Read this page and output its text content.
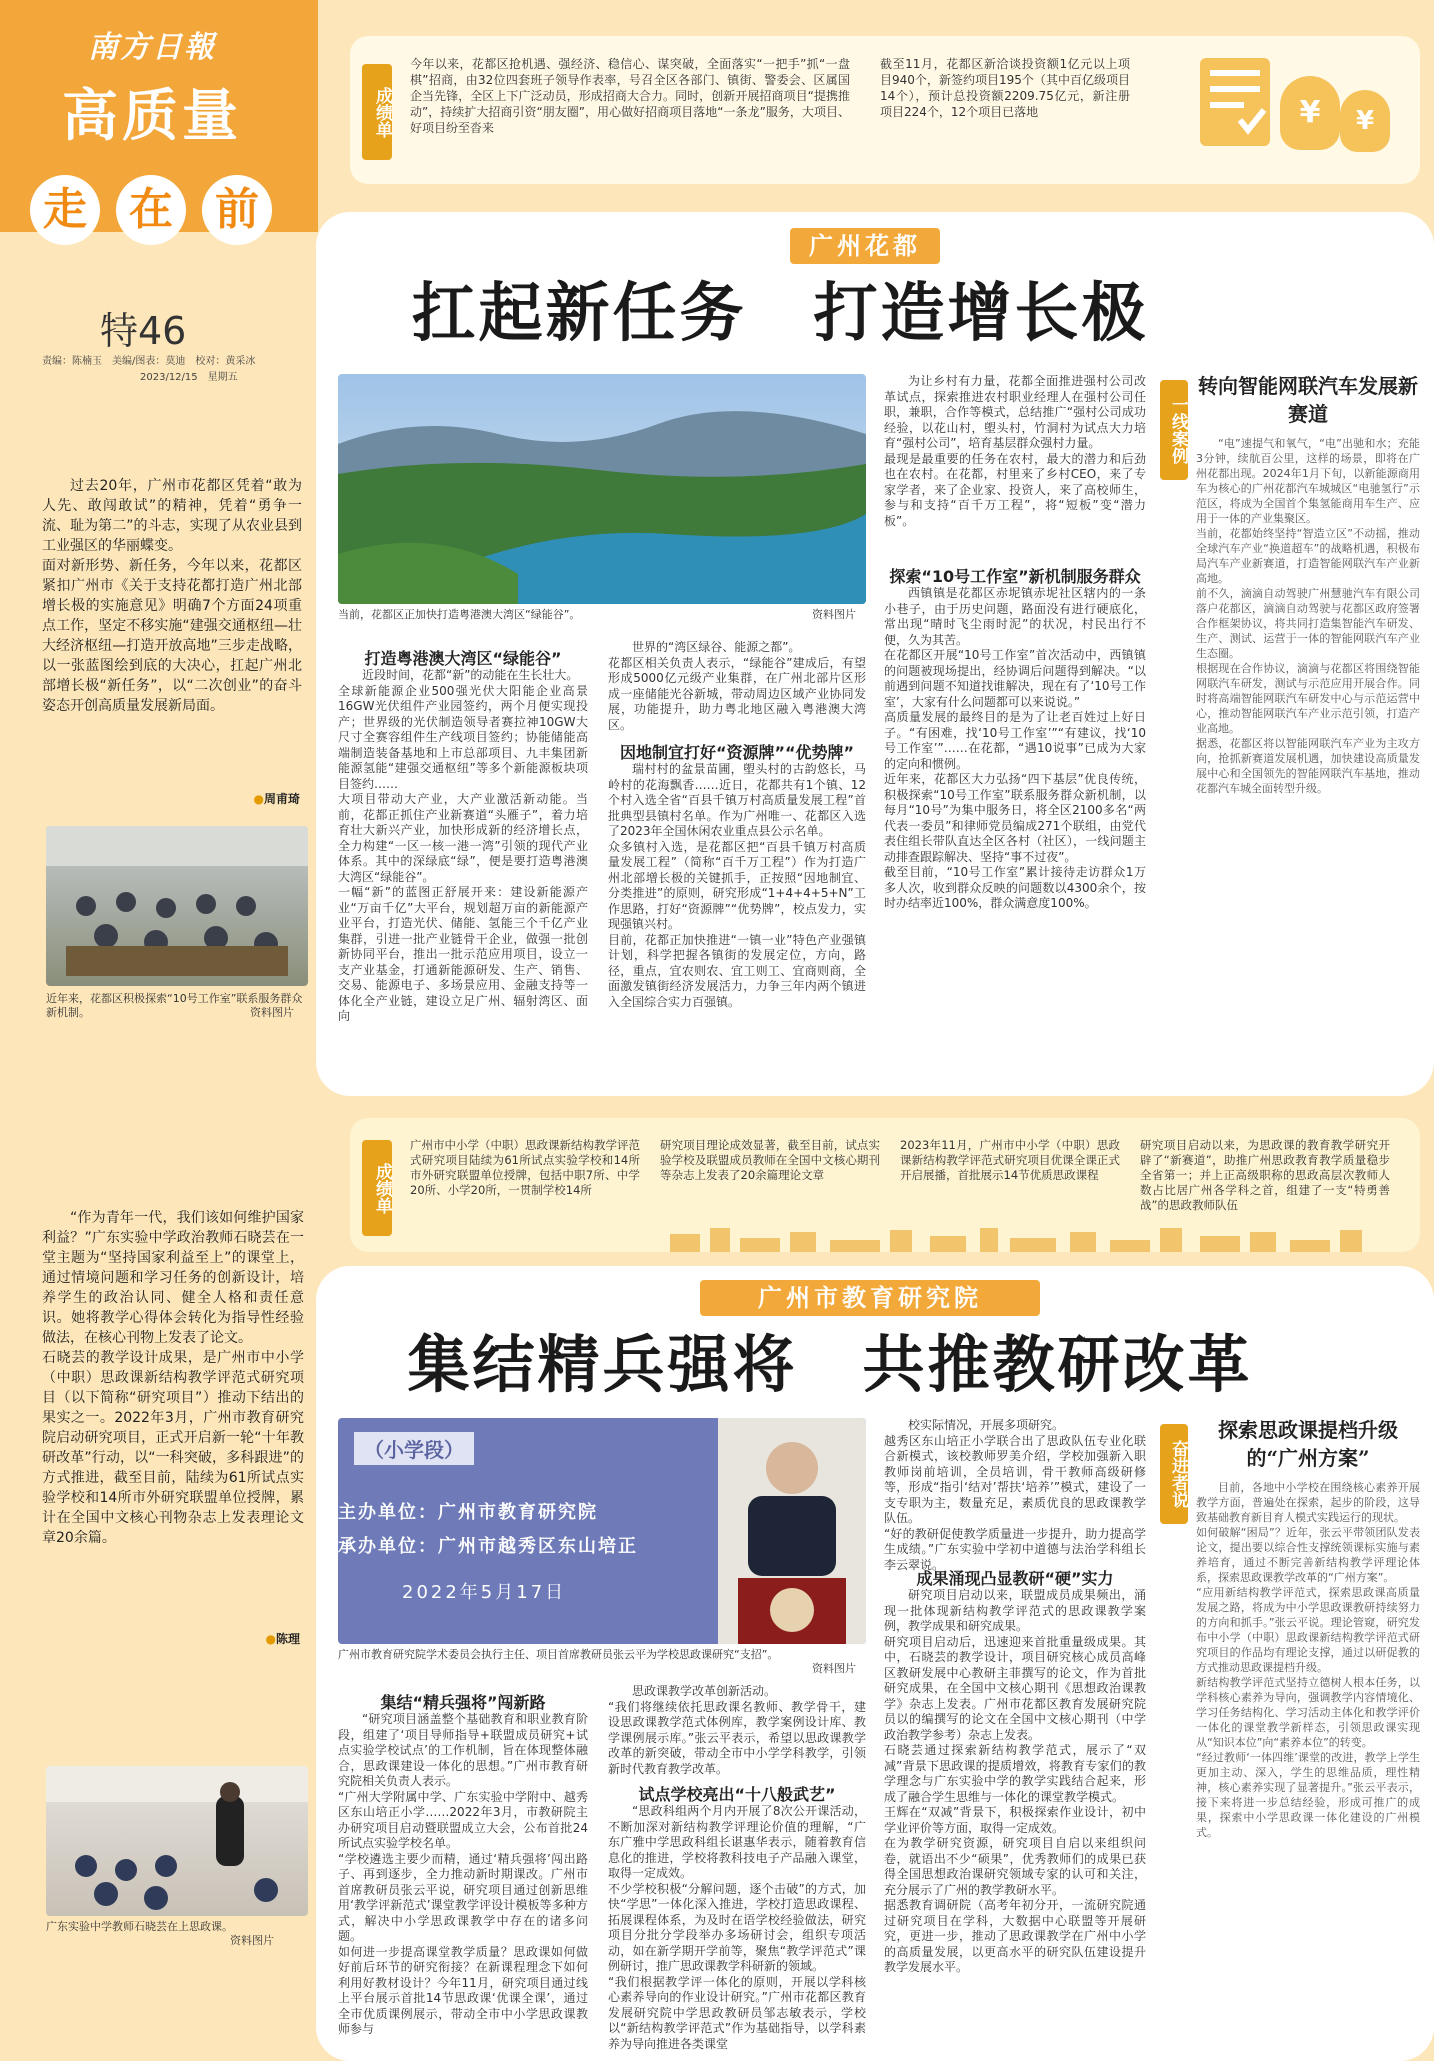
南方日報
高质量
走 在 前
特46
责编：陈楠玉　美编/图表：莫迪　校对：黄采冰
2023/12/15　星期五
成绩单
今年以来，花都区抢机遇、强经济、稳信心、谋突破，全面落实“一把手”抓“一盘棋”招商，由32位四套班子领导作表率，号召全区各部门、镇街、警委会、区属国企当先锋，全区上下广泛动员，形成招商大合力。同时，创新开展招商项目“提携推动”，持续扩大招商引资“朋友圈”，用心做好招商项目落地“一条龙”服务，大项目、好项目纷至沓来
截至11月，花都区新洽谈投资额1亿元以上项目940个，新签约项目195个（其中百亿级项目14个），预计总投资额2209.75亿元，新注册项目224个，12个项目已落地	¥	¥
广州花都
扛起新任务　打造增长极

过去20年，广州市花都区凭着“敢为人先、敢闯敢试”的精神，凭着“勇争一流、耻为第二”的斗志，实现了从农业县到工业强区的华丽蝶变。
面对新形势、新任务，今年以来，花都区紧扣广州市《关于支持花都打造广州北部增长极的实施意见》明确7个方面24项重点工作，坚定不移实施“建强交通枢纽—壮大经济枢纽—打造开放高地”三步走战略，以一张蓝图绘到底的大决心，扛起广州北部增长极“新任务”，以“二次创业”的奋斗姿态开创高质量发展新局面。

● 周甫琦
近年来，花都区积极探索“10号工作室”联系服务群众新机制。	资料图片
当前，花都区正加快打造粤港澳大湾区“绿能谷”。	资料图片
打造粤港澳大湾区“绿能谷”

近段时间，花都“新”的动能在生长壮大。
全球新能源企业500强光伏大阳能企业高景16GW光伏组件产业园签约，两个月便实现投产；世界级的光伏制造领导者赛拉神10GW大尺寸全赛容组件生产线项目签约；协能储能高端制造装备基地和上市总部项目、九丰集团新能源氢能“建强交通枢纽”等多个新能源板块项目签约……
大项目带动大产业，大产业激活新动能。当前，花都正抓住产业新赛道“头雁子”，着力培育壮大新兴产业，加快形成新的经济增长点，全力构建“一区一核一港一湾”引领的现代产业体系。其中的深绿底“绿”，便是要打造粤港澳大湾区“绿能谷”。
一幅“新”的蓝图正舒展开来：建设新能源产业“万亩千亿”大平台，规划超万亩的新能源产业平台，打造光伏、储能、氢能三个千亿产业集群，引进一批产业链骨干企业，做强一批创新协同平台，推出一批示范应用项目，设立一支产业基金，打通新能源研发、生产、销售、交易、能源电子、多场景应用、金融支持等一体化全产业链，建设立足广州、辐射湾区、面向

世界的“湾区绿谷、能源之都”。
花都区相关负责人表示，“绿能谷”建成后，有望形成5000亿元级产业集群，在广州北部片区形成一座储能光谷新城，带动周边区域产业协同发展，功能提升，助力粤北地区融入粤港澳大湾区。

因地制宜打好“资源牌”“优势牌”

瑞村村的盆景苗圃，塱头村的古韵悠长，马岭村的花海飘香……近日，花都共有1个镇、12个村入选全省“百县千镇万村高质量发展工程”首批典型县镇村名单。作为广州唯一、花都区入选了2023年全国休闲农业重点县公示名单。
众多镇村入选，是花都区把“百县千镇万村高质量发展工程”（简称“百千万工程”）作为打造广州北部增长极的关键抓手，正按照“因地制宜、分类推进”的原则，研究形成“1+4+4+5+N”工作思路，打好“资源牌”“优势牌”，校点发力，实现强镇兴村。
目前，花都正加快推进“一镇一业”特色产业强镇计划，科学把握各镇街的发展定位，方向，路径，重点，宜农则农、宜工则工、宜商则商，全面激发镇街经济发展活力，力争三年内两个镇进入全国综合实力百强镇。

为让乡村有力量，花都全面推进强村公司改革试点，探索推进农村职业经理人在强村公司任职，兼职，合作等模式，总结推广“强村公司成功经验，以花山村，塱头村，竹洞村为试点大力培育“强村公司”，培育基层群众强村力量。
最现是最重要的任务在农村，最大的潜力和后劲也在农村。在花都，村里来了乡村CEO，来了专家学者，来了企业家、投资人，来了高校师生，参与和支持“百千万工程”，将“短板”变“潜力板”。

探索“10号工作室”新机制服务群众

西镇镇是花都区赤坭镇赤坭社区辖内的一条小巷子，由于历史问题，路面没有进行硬底化，常出现“晴时飞尘雨时泥”的状况，村民出行不便，久为其苦。
在花都区开展“10号工作室”首次活动中，西镇镇的问题被现场提出，经协调后问题得到解决。“以前遇到问题不知道找谁解决，现在有了‘10号工作室’，大家有什么问题都可以来说说。”
高质量发展的最终目的是为了让老百姓过上好日子。“有困难，找‘10号工作室’”“有建议，找‘10号工作室’”……在花都，“遇10说事”已成为大家的定向和惯例。
近年来，花都区大力弘扬“四下基层”优良传统，积极探索“10号工作室”联系服务群众新机制，以每月“10号”为集中服务日，将全区2100多名“两代表一委员”和律师党员编成271个联组，由党代表住组长带队直达全区各村（社区），一线问题主动排查跟踪解决、坚持“事不过夜”。
截至目前，“10号工作室”累计接待走访群众1万多人次，收到群众反映的问题数以4300余个，按时办结率近100%，群众满意度100%。

一线案例
转向智能网联汽车发展新赛道

“电”速提气和氧气，“电”出驰和水；充能3分钟，续航百公里，这样的场景，即将在广州花都出现。2024年1月下旬，以新能源商用车为核心的广州花都汽车城城区“电驰氢行”示范区，将成为全国首个集氢能商用车生产、应用于一体的产业集聚区。
当前，花都始终坚持“智造立区”不动摇，推动全球汽车产业“换道超车”的战略机遇，积极布局汽车产业新赛道，打造智能网联汽车产业新高地。
前不久，滴滴自动驾驶广州慧驰汽车有限公司落户花都区，滴滴自动驾驶与花都区政府签署合作框架协议，将共同打造集智能汽车研发、生产、测试、运营于一体的智能网联汽车产业生态圈。
根据现在合作协议，滴滴与花都区将围绕智能网联汽车研发，测试与示范应用开展合作。同时将高端智能网联汽车研发中心与示范运营中心，推动智能网联汽车产业示范引领，打造产业高地。
据悉，花都区将以智能网联汽车产业为主攻方向，抢抓新赛道发展机遇，加快建设高质量发展中心和全国领先的智能网联汽车基地，推动花都汽车城全面转型升级。

成绩单
广州市中小学（中职）思政课新结构教学评范式研究项目陆续为61所试点实验学校和14所市外研究联盟单位授牌，包括中职7所、中学20所、小学20所，一贯制学校14所
研究项目理论成效显著，截至目前，试点实验学校及联盟成员教师在全国中文核心期刊等杂志上发表了20余篇理论文章
2023年11月，广州市中小学（中职）思政课新结构教学评范式研究项目优课全课正式开启展播，首批展示14节优质思政课程
研究项目启动以来，为思政课的教育教学研究开辟了“新赛道”，助推广州思政教育教学质量稳步全省第一；并上正高级职称的思政高层次教师人数占比居广州各学科之首，组建了一支“特勇善战”的思政教师队伍
广州市教育研究院
集结精兵强将　共推教研改革

“作为青年一代，我们该如何维护国家利益？”广东实验中学政治教师石晓芸在一堂主题为“坚持国家利益至上”的课堂上，通过情境问题和学习任务的创新设计，培养学生的政治认同、健全人格和责任意识。她将教学心得体会转化为指导性经验做法，在核心刊物上发表了论文。
石晓芸的教学设计成果，是广州市中小学（中职）思政课新结构教学评范式研究项目（以下简称“研究项目”）推动下结出的果实之一。2022年3月，广州市教育研究院启动研究项目，正式开启新一轮“十年教研改革”行动，以“一科突破，多科跟进”的方式推进，截至目前，陆续为61所试点实验学校和14所市外研究联盟单位授牌，累计在全国中文核心刊物杂志上发表理论文章20余篇。

● 陈理
广东实验中学教师石晓芸在上思政课。
资料图片
（小学段）
主办单位：广州市教育研究院
承办单位：广州市越秀区东山培正
2022年5月17日
广州市教育研究院学术委员会执行主任、项目首席教研员张云平为学校思政课研究“支招”。
资料图片
集结“精兵强将”闯新路

“研究项目涵盖整个基础教育和职业教育阶段，组建了‘项目导师指导+联盟成员研究+试点实验学校试点’的工作机制，旨在体现整体融合，思政课建设一体化的思想。”广州市教育研究院相关负责人表示。
“广州大学附属中学、广东实验中学附中、越秀区东山培正小学……2022年3月，市教研院主办研究项目启动暨联盟成立大会，公布首批24所试点实验学校名单。
“学校遴选主要少而精，通过‘精兵强将’闯出路子、再到逐步，全力推动新时期课改。广州市首席教研员张云平说，研究项目通过创新思维用‘教学评新范式’课堂教学评设计模板等多种方式，解决中小学思政课教学中存在的诸多问题。
如何进一步提高课堂教学质量？思政课如何做好前后环节的研究衔接？在新课程理念下如何利用好教材设计？今年11月，研究项目通过线上平台展示首批14节思政课‘优课全课’，通过全市优质课例展示，带动全市中小学思政课教师参与

思政课教学改革创新活动。
“我们将继续依托思政课名教师、教学骨干，建设思政课教学范式体例库，教学案例设计库、教学课例展示库。”张云平表示，希望以思政课教学改革的新突破，带动全市中小学学科教学，引领新时代教育教学改革。

试点学校亮出“十八般武艺”

“思政科组两个月内开展了8次公开课活动，不断加深对新结构教学评理论价值的理解，“广东广雅中学思政科组长谌惠华表示，随着教育信息化的推进，学校将教科技电子产品融入课堂，取得一定成效。
不少学校积极“分解问题，逐个击破”的方式，加快“学思”一体化深入推进，学校打造思政课程、拓展课程体系，为及时在语学校经验做法，研究项目分批分学段举办多场研讨会，组织专项活动，如在新学期开学前等，聚焦“教学评范式”课例研讨，推广思政课教学科研新的领域。
“我们根据教学评一体化的原则，开展以学科核心素养导向的作业设计研究。”广州市花都区教育发展研究院中学思政教研员邹志敏表示，学校以“新结构教学评范式”作为基础指导，以学科素养为导向推进各类课堂

校实际情况，开展多项研究。
越秀区东山培正小学联合出了思政队伍专业化联合新模式，该校教师罗美介绍，学校加强新入职教师岗前培训，全员培训，骨干教师高级研修等，形成“指引‘结对’帮扶‘培养’”模式，建设了一支专职为主，数量充足，素质优良的思政课教学队伍。
“好的教研促使教学质量进一步提升，助力提高学生成绩。”广东实验中学初中道德与法治学科组长李云翠说。

成果涌现凸显教研“硬”实力

研究项目启动以来，联盟成员成果频出，涌现一批体现新结构教学评范式的思政课教学案例，教学成果和研究成果。
研究项目启动后，迅速迎来首批重量级成果。其中，石晓芸的教学设计，项目研究核心成员高峰区教研发展中心教研主菲撰写的论文，作为首批研究成果，在全国中文核心期刊《思想政治课教学》杂志上发表。广州市花都区教育发展研究院员以的编撰写的论文在全国中文核心期刊（中学政治教学参考）杂志上发表。
石晓芸通过探索新结构教学范式，展示了“双减”背景下思政课的提质增效，将教育专家们的教学理念与广东实验中学的教学实践结合起来，形成了融合学生思维与一体化的课堂教学模式。
王辉在“双减”背景下，积极探索作业设计，初中学业评价等方面，取得一定成效。
在为教学研究资源，研究项目自启以来组织问卷，就语出不少“硕果”，优秀教师们的成果已获得全国思想政治课研究领域专家的认可和关注，充分展示了广州的教学教研水平。
据悉教育调研院（高考年初分开，一流研究院通过研究项目在学科，大数据中心联盟等开展研究，更进一步，推动了思政课教学在广州中小学的高质量发展，以更高水平的研究队伍建设提升教学发展水平。

奋进者说
探索思政课提档升级的“广州方案”

目前，各地中小学校在围绕核心素养开展教学方面，普遍处在探索，起步的阶段，这导致基础教育新目育人模式实践运行的现状。
如何破解“困局”？近年，张云平带领团队发表论文，提出要以综合性支撑统领课标实施与素养培育，通过不断完善新结构教学评理论体系，探索思政课教学改革的“广州方案”。
“应用新结构教学评范式，探索思政课高质量发展之路，将成为中小学思政课教研持续努力的方向和抓手。”张云平说。理论管窥，研究发布中小学（中职）思政课新结构教学评范式研究项目的作品均有理论支撑，通过以研促教的方式推动思政课提档升级。
新结构教学评范式坚持立德树人根本任务，以学科核心素养为导向，强调教学内容情境化、学习任务结构化、学习活动主体化和教学评价一体化的课堂教学新样态，引领思政课实现从“知识本位”向“素养本位”的转变。
“经过教师‘一体四维’课堂的改进，教学上学生更加主动、深入，学生的思维品质，理性精神，核心素养实现了显著提升。”张云平表示，接下来将进一步总结经验，形成可推广的成果，探索中小学思政课一体化建设的广州模式。
